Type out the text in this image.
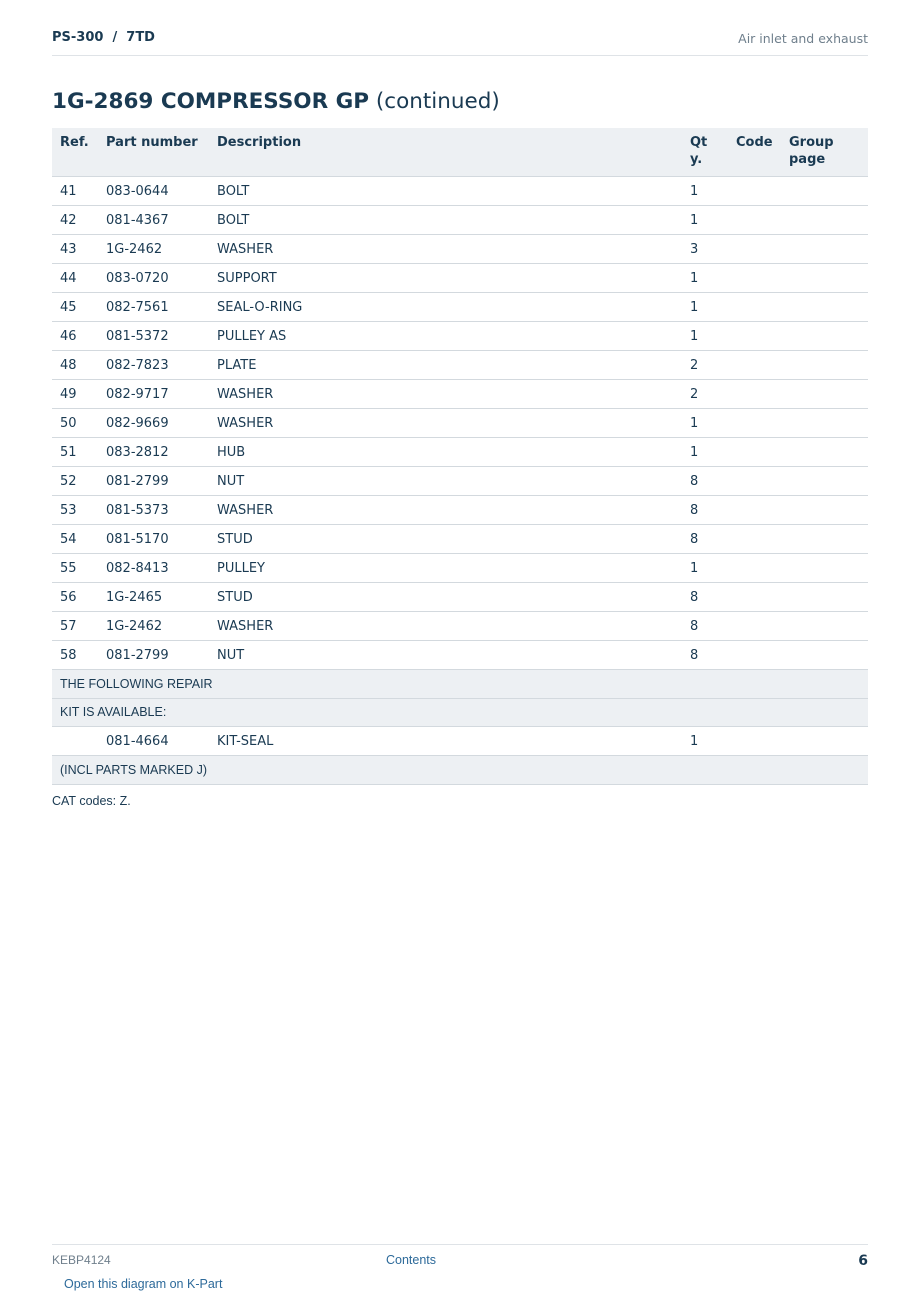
PS-300  /  7TD	Air inlet and exhaust
1G-2869 COMPRESSOR GP (continued)
Ref.	Part number	Description	Qty.	Code	Group page
41	083-0644	BOLT	1		
42	081-4367	BOLT	1		
43	1G-2462	WASHER	3		
44	083-0720	SUPPORT	1		
45	082-7561	SEAL-O-RING	1		
46	081-5372	PULLEY AS	1		
48	082-7823	PLATE	2		
49	082-9717	WASHER	2		
50	082-9669	WASHER	1		
51	083-2812	HUB	1		
52	081-2799	NUT	8		
53	081-5373	WASHER	8		
54	081-5170	STUD	8		
55	082-8413	PULLEY	1		
56	1G-2465	STUD	8		
57	1G-2462	WASHER	8		
58	081-2799	NUT	8		
THE FOLLOWING REPAIR					
KIT IS AVAILABLE:					
	081-4664	KIT-SEAL	1		
(INCL PARTS MARKED J)					
CAT codes: Z.
KEBP4124	Contents	6
Open this diagram on K-Part
